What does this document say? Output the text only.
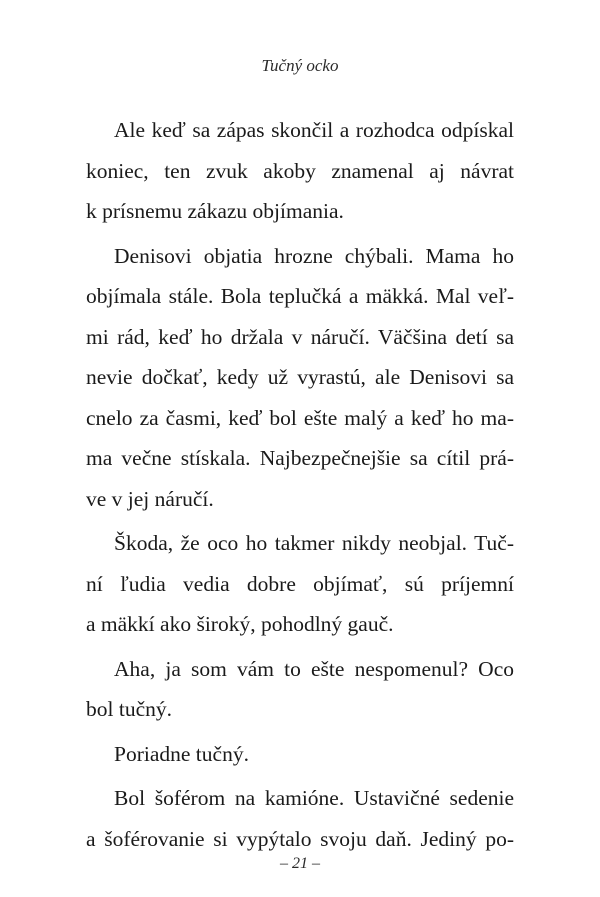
Tučný ocko
Ale keď sa zápas skončil a rozhodca odpískal
koniec, ten zvuk akoby znamenal aj návrat
k prísnemu zákazu objímania.
Denisovi objatia hrozne chýbali. Mama ho
objímala stále. Bola teplučká a mäkká. Mal veľ-
mi rád, keď ho držala v náručí. Väčšina detí sa
nevie dočkať, kedy už vyrastú, ale Denisovi sa
cnelo za časmi, keď bol ešte malý a keď ho ma-
ma večne stískala. Najbezpečnejšie sa cítil prá-
ve v jej náručí.
Škoda, že oco ho takmer nikdy neobjal. Tuč-
ní ľudia vedia dobre objímať, sú príjemní
a mäkkí ako široký, pohodlný gauč.
Aha, ja som vám to ešte nespomenul? Oco
bol tučný.
Poriadne tučný.
Bol šoférom na kamióne. Ustavičné sedenie
a šoférovanie si vypýtalo svoju daň. Jediný po-
– 21 –
